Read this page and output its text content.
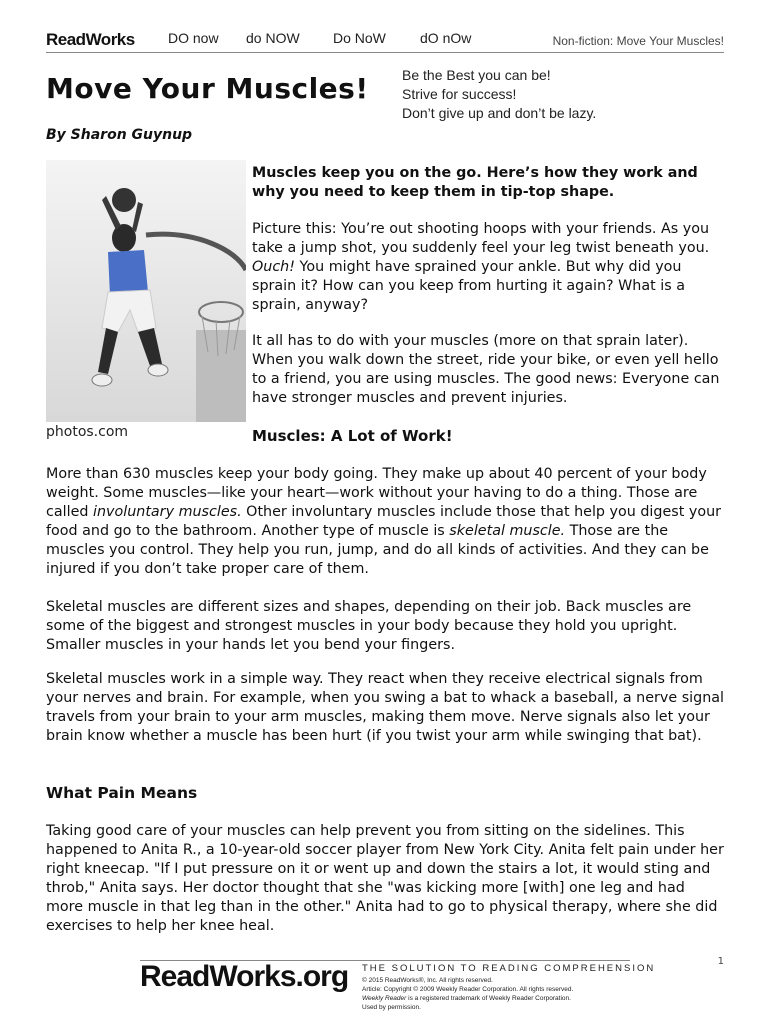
ReadWorks DO now do NOW Do NoW dO nOw	Non-fiction: Move Your Muscles!
Move Your Muscles! Be the Best you can be!
Strive for success!
Don’t give up and don’t be lazy.
By Sharon Guynup
photos.com
Muscles keep you on the go. Here’s how they work and why you need to keep them in tip-top shape.
Picture this: You’re out shooting hoops with your friends. As you take a jump shot, you suddenly feel your leg twist beneath you. Ouch! You might have sprained your ankle. But why did you sprain it? How can you keep from hurting it again? What is a sprain, anyway?
It all has to do with your muscles (more on that sprain later). When you walk down the street, ride your bike, or even yell hello to a friend, you are using muscles. The good news: Everyone can have stronger muscles and prevent injuries.
Muscles: A Lot of Work!
More than 630 muscles keep your body going. They make up about 40 percent of your body weight. Some muscles—like your heart—work without your having to do a thing. Those are called involuntary muscles. Other involuntary muscles include those that help you digest your food and go to the bathroom. Another type of muscle is skeletal muscle. Those are the muscles you control. They help you run, jump, and do all kinds of activities. And they can be injured if you don’t take proper care of them.
Skeletal muscles are different sizes and shapes, depending on their job. Back muscles are some of the biggest and strongest muscles in your body because they hold you upright. Smaller muscles in your hands let you bend your fingers.
Skeletal muscles work in a simple way. They react when they receive electrical signals from your nerves and brain. For example, when you swing a bat to whack a baseball, a nerve signal travels from your brain to your arm muscles, making them move. Nerve signals also let your brain know whether a muscle has been hurt (if you twist your arm while swinging that bat).
What Pain Means
Taking good care of your muscles can help prevent you from sitting on the sidelines. This happened to Anita R., a 10-year-old soccer player from New York City. Anita felt pain under her right kneecap. "If I put pressure on it or went up and down the stairs a lot, it would sting and throb," Anita says. Her doctor thought that she "was kicking more [with] one leg and had more muscle in that leg than in the other." Anita had to go to physical therapy, where she did exercises to help her knee heal.
ReadWorks.org THE SOLUTION TO READING COMPREHENSION
© 2015 ReadWorks®, Inc. All rights reserved.
Article: Copyright © 2009 Weekly Reader Corporation. All rights reserved.
Weekly Reader is a registered trademark of Weekly Reader Corporation.
Used by permission.
1
